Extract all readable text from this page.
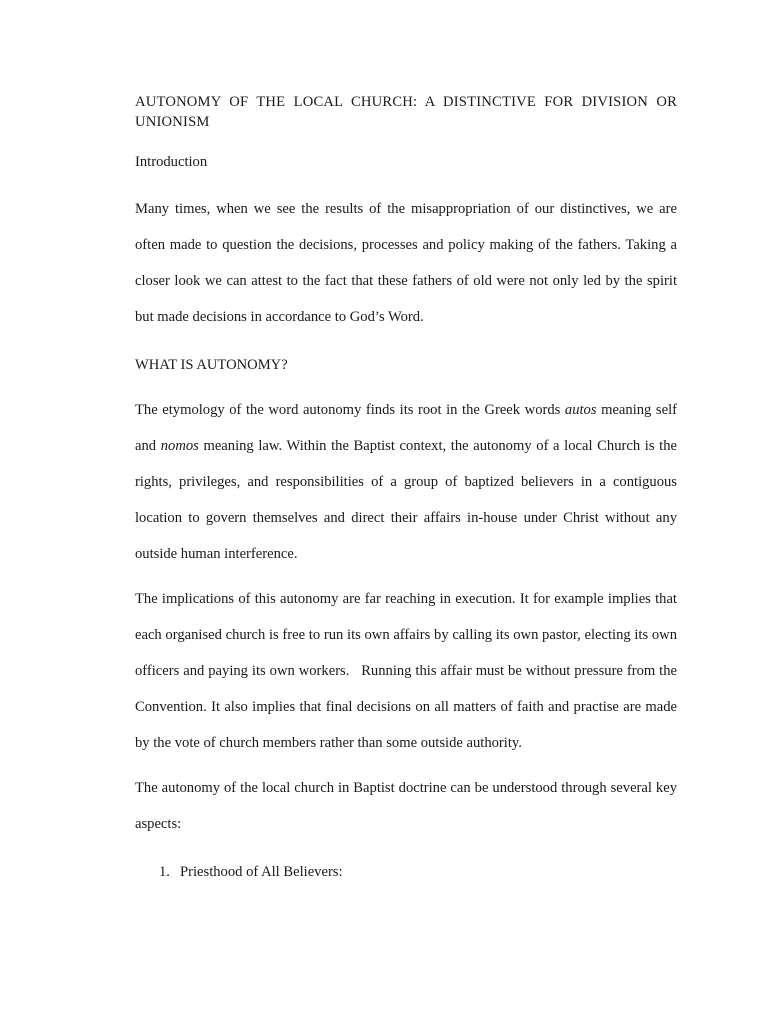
AUTONOMY OF THE LOCAL CHURCH: A DISTINCTIVE FOR DIVISION OR UNIONISM
Introduction

Many times, when we see the results of the misappropriation of our distinctives, we are often made to question the decisions, processes and policy making of the fathers. Taking a closer look we can attest to the fact that these fathers of old were not only led by the spirit but made decisions in accordance to God’s Word.

WHAT IS AUTONOMY?

The etymology of the word autonomy finds its root in the Greek words autos meaning self and nomos meaning law. Within the Baptist context, the autonomy of a local Church is the rights, privileges, and responsibilities of a group of baptized believers in a contiguous location to govern themselves and direct their affairs in-house under Christ without any outside human interference.

The implications of this autonomy are far reaching in execution. It for example implies that each organised church is free to run its own affairs by calling its own pastor, electing its own officers and paying its own workers.   Running this affair must be without pressure from the Convention. It also implies that final decisions on all matters of faith and practise are made by the vote of church members rather than some outside authority.

The autonomy of the local church in Baptist doctrine can be understood through several key aspects:

1. Priesthood of All Believers:
